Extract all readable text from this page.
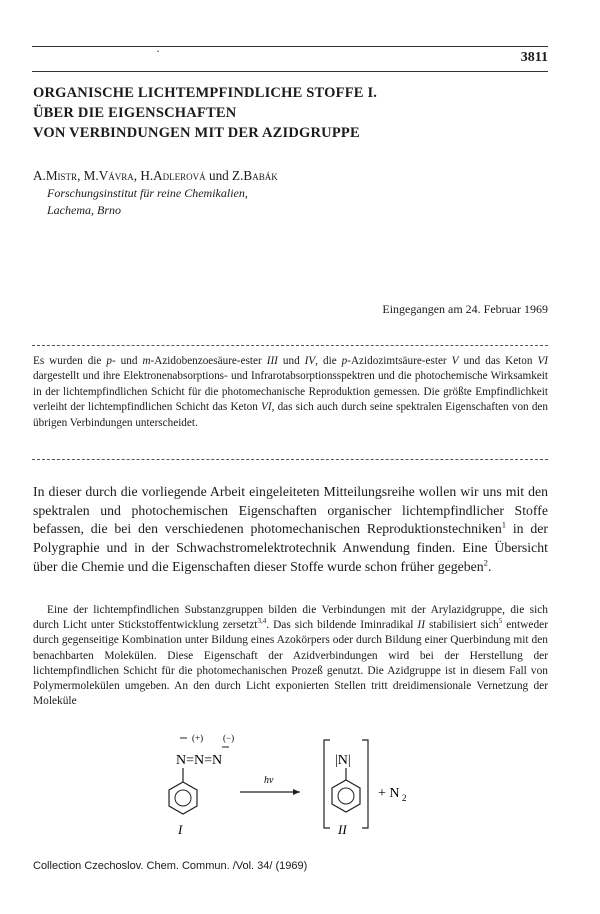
·	3811
ORGANISCHE LICHTEMPFINDLICHE STOFFE I.
ÜBER DIE EIGENSCHAFTEN
VON VERBINDUNGEN MIT DER AZIDGRUPPE
A.Mistr, M.Vávra, H.Adlerová und Z.Babák
Forschungsinstitut für reine Chemikalien,
Lachema, Brno
Eingegangen am 24. Februar 1969

Es wurden die p- und m-Azidobenzoesäure-ester III und IV, die p-Azidozimtsäure-ester V und das Keton VI dargestellt und ihre Elektronenabsorptions- und Infrarotabsorptionsspektren und die photochemische Wirksamkeit in der lichtempfindlichen Schicht für die photomechanische Reproduktion gemessen. Die größte Empfindlichkeit verleiht der lichtempfindlichen Schicht das Keton VI, das sich auch durch seine spektralen Eigenschaften von den übrigen Verbindungen unterscheidet.

In dieser durch die vorliegende Arbeit eingeleiteten Mitteilungsreihe wollen wir uns mit den spektralen und photochemischen Eigenschaften organischer lichtempfindlicher Stoffe befassen, die bei den verschiedenen photomechanischen Reproduktionstechniken$^1$ in der Polygraphie und in der Schwachstromelektrotechnik Anwendung finden. Eine Übersicht über die Chemie und die Eigenschaften dieser Stoffe wurde schon früher gegeben$^2$.

Eine der lichtempfindlichen Substanzgruppen bilden die Verbindungen mit der Arylazidgruppe, die sich durch Licht unter Stickstoffentwicklung zersetzt$^{3,4}$. Das sich bildende Iminradikal II stabilisiert sich$^5$ entweder durch gegenseitige Kombination unter Bildung eines Azokörpers oder durch Bildung einer Querbindung mit den benachbarten Molekülen. Diese Eigenschaft der Azidverbindungen wird bei der Herstellung der lichtempfindlichen Schicht für die photomechanischen Prozeß genutzt. Die Azidgruppe ist in diesem Fall von Polymermolekülen umgeben. An den durch Licht exponierten Stellen tritt dreidimensionale Vernetzung der Moleküle

(+) (−)
N=N=N
I
hν
|N|
II
+ N 2
Collection Czechoslov. Chem. Commun. /Vol. 34/ (1969)
